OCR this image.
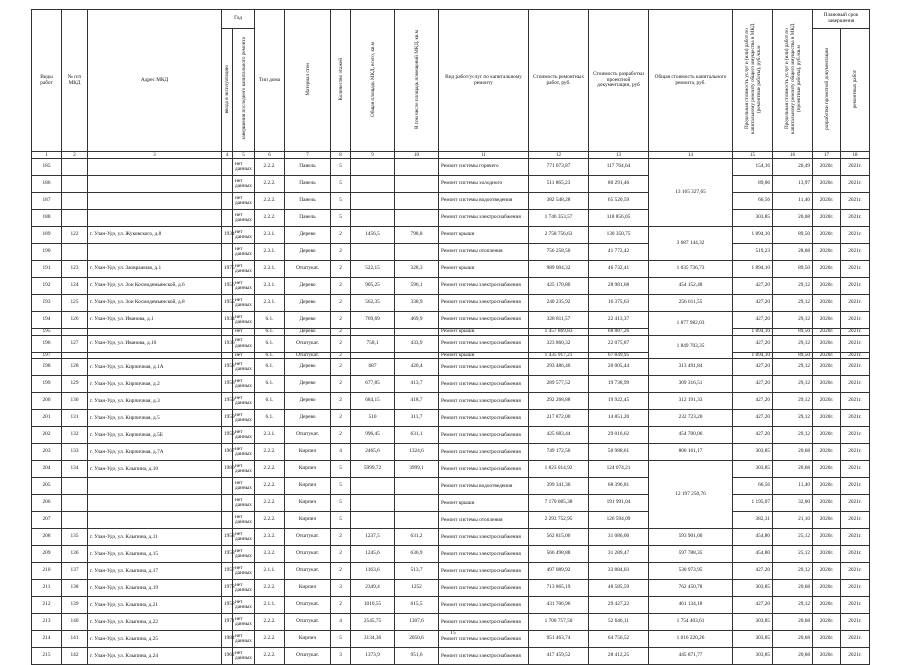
Виды работ	№ п/п МКД	Адрес МКД	Год		Тип дома	Материал стен	Количество этажей	Общая площадь МКД, всего, кв.м	В том числе площадь помещений МКД, кв.м	Вид работ/услуг по капитальному ремонту	Стоимость ремонтных работ, руб.	Стоимость разработки проектной документации, руб	Общая стоимость капитального ремонта, руб.	Предельная стоимость услуг и (или) работ по капитальному ремонту общего имущества в МКД (ремонтные работы), руб./кв.м	Предельная стоимость услуг и (или) работ по капитальному ремонту общего имущества в МКД (проектные работы), руб./кв.м	Плановый срок завершения	
			ввода в эксплуатацию	завершения последнего капитального ремонта												разработки проектной документации	ремонтных работ
1	2	3	4	5	6	7	8	9	10	11	12	13	14	15	16	17	18
185				нет данных	2.2.2.	Панель	5			Ремонт системы горячего	771 073,87	117 764,64	13 165 327,65	154,16	20,49	2020г.	2021г.
186				нет данных	2.2.2.	Панель	5			Ремонт системы холодного	511 865,23	80 291,46		89,06	13,97	2020г.	2021г.
187				нет данных	2.2.2.	Панель	5			Ремонт системы водоотведения	382 548,28	65 520,59		66,56	11,40	2020г.	2021г.
188				нет данных	2.2.2.	Панель	5			Ремонт системы электроснабжения	1 746 353,57	118 856,05		303,85	20,68	2020г.	2021г.
189	122	г. Улан-Удэ, ул. Жуковского, д.8	1934	нет данных	2.3.1.	Дерево	2	1456,5	798,8	Ремонт крыши	2 758 756,63	130 350,75	3 687 144,32	1 894,10	89,50	2020г.	2021г.
190				нет данных	2.3.1.	Дерево	2			Ремонт системы отопления	756 258,50	41 772,42		519,23	28,68	2020г.	2021г.
191	123	г. Улан-Удэ, ул. Заовражная, д.1	1975	нет данных	2.3.1.	Отштукат.	2	522,15	328,3	Ремонт крыши	989 004,32	46 732,41	1 035 736,73	1 894,10	89,50	2020г.	2021г.
192	124	г. Улан-Удэ, ул. Зои Космодемьянской, д.6	1956	нет данных	2.3.1.	Дерево	2	905,25	596,1	Ремонт системы электроснабжения	425 170,80	28 981,68	454 152,48	427,20	29,12	2020г.	2021г.
193	125	г. Улан-Удэ, ул. Зои Космодемьянской, д.8	1955	нет данных	2.3.1.	Дерево	2	562,35	338,9	Ремонт системы электроснабжения	240 235,92	16 375,63	256 611,55	427,20	29,12	2020г.	2021г.
194	126	г. Улан-Удэ, ул. Иванова, д.1	1934	нет данных	6.1.	Дерево	2	769,69	469,9	Ремонт системы электроснабжения	328 811,57	22 413,37	1 877 982,03	427,20	29,12	2020г.	2021г.
195				нет	6.1.	Дерево	2			Ремонт крыши	1 457 869,83	68 887,26		1 894,10	89,50	2020г.	2021г.
196	127	г. Улан-Удэ, ул. Иванова, д.10	1936	нет данных	6.1.	Отштукат.	2	758,1	433,9	Ремонт системы электроснабжения	323 860,32	22 075,87	1 849 703,35	427,20	29,12	2020г.	2021г.
197				нет	6.1.	Отштукат.	2			Ремонт крыши	1 435 917,21	67 849,95		1 894,10	89,50	2020г.	2021г.
198	128	г. Улан-Удэ, ул. Кирпичная, д.1А	1958	нет данных	6.1.	Дерево	2	687	420,4	Ремонт системы электроснабжения	293 486,40	20 005,44	313 491,84	427,20	29,12	2020г.	2021г.
199	129	г. Улан-Удэ, ул. Кирпичная, д.2	1958	нет данных	6.1.	Дерево	2	677,85	413,7	Ремонт системы электроснабжения	289 577,52	19 738,99	309 316,51	427,20	29,12	2020г.	2021г.
200	130	г. Улан-Удэ, ул. Кирпичная, д.3	1959	нет данных	6.1.	Дерево	2	684,15	418,7	Ремонт системы электроснабжения	292 268,88	19 922,45	312 191,33	427,20	29,12	2020г.	2021г.
201	131	г. Улан-Удэ, ул. Кирпичная, д.5	1959	нет данных	6.1.	Дерево	2	510	311,7	Ремонт системы электроснабжения	217 872,00	14 851,20	232 723,20	427,20	29,12	2020г.	2021г.
202	132	г. Улан-Удэ, ул. Кирпичная, д.5Б	1959	нет данных	2.3.1.	Отштукат.	2	996,45	631,1	Ремонт системы электроснабжения	425 683,44	29 016,62	454 700,06	427,20	29,12	2020г.	2021г.
203	133	г. Улан-Удэ, ул. Кирпичная, д.7А	1967	нет данных	2.2.2.	Кирпич	4	2465,6	1324,6	Ремонт системы электроснабжения	749 172,56	50 988,61	800 161,17	303,85	20,68	2020г.	2021г.
204	134	г. Улан-Удэ, ул. Клыпина, д.10	1980	нет данных	2.2.2.	Кирпич	5	5999,72	3999,1	Ремонт системы электроснабжения	1 823 014,92	124 074,21	12 197 250,76	303,85	20,68	2020г.	2021г.
205				нет данных	2.2.2.	Кирпич	5			Ремонт системы водоотведения	399 341,36	68 396,81		66,56	11,40	2020г.	2021г.
206				нет данных	2.2.2.	Кирпич	5			Ремонт крыши	7 170 085,38	191 991,04		1 195,07	32,00	2020г.	2021г.
207				нет данных	2.2.2.	Кирпич	5			Ремонт системы отопления	2 293 752,95	126 594,09		382,31	21,10	2020г.	2021г.
208	135	г. Улан-Удэ, ул. Клыпина, д.11	1958	нет данных	2.3.2.	Отштукат.	2	1237,5	631,2	Ремонт системы электроснабжения	562 815,00	31 086,00	593 901,00	454,80	25,12	2020г.	2021г.
209	136	г. Улан-Удэ, ул. Клыпина, д.15	1958	нет данных	2.3.2.	Отштукат.	2	1245,6	636,9	Ремонт системы электроснабжения	566 498,88	31 289,47	597 788,35	454,80	25,12	2020г.	2021г.
210	137	г. Улан-Удэ, ул. Клыпина, д.17	1957	нет данных	2.1.1.	Отштукат.	2	1163,6	513,7	Ремонт системы электроснабжения	497 089,92	33 884,03	530 973,95	427,20	29,12	2020г.	2021г.
211	138	г. Улан-Удэ, ул. Клыпина, д.19	1978	нет данных	2.2.2.	Кирпич	3	2349,4	1252	Ремонт системы электроснабжения	713 865,19	48 585,59	762 450,78	303,85	20,68	2020г.	2021г.
212	139	г. Улан-Удэ, ул. Клыпина, д.21	1958	нет данных	2.1.1.	Отштукат.	2	1010,55	615,5	Ремонт системы электроснабжения	431 706,96	29 427,22	461 134,18	427,20	29,12	2020г.	2021г.
213	140	г. Улан-Удэ, ул. Клыпина, д.22	1971	нет данных	2.2.2.	Отштукат.	4	2545,75	1307,6	Ремонт системы электроснабжения	1 700 757,50	52 646,11	1 754 403,61	303,85	20,68	2020г.	2021г.
214	141	г. Улан-Удэ, ул. Клыпина, д.25	1984	нет данных	2.2.2.	Кирпич	5	3134,36	2050,6	Ремонт системы электроснабжения	951 463,74	64 756,52	1 016 220,26	303,85	20,68	2020г.	2021г.
215	142	г. Улан-Удэ, ул. Клыпина, д.24	1962	нет данных	2.2.2.	Отштукат.	3	1373,9	951,6	Ремонт системы электроснабжения	417 459,52	28 412,25	445 871,77	303,85	20,68	2020г.	2021г.
15
